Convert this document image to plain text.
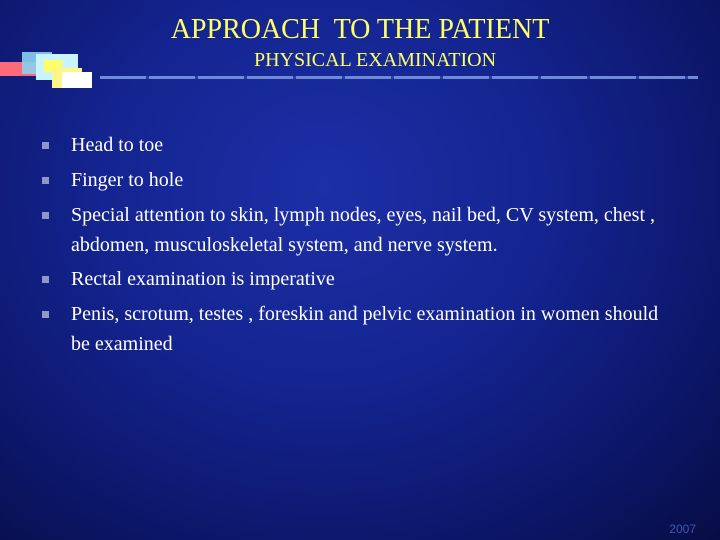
APPROACH  TO THE PATIENT
PHYSICAL EXAMINATION
Head to toe
Finger to hole
Special attention to skin, lymph nodes, eyes, nail bed, CV system, chest , abdomen, musculoskeletal system, and nerve system.
Rectal examination is imperative
Penis, scrotum, testes , foreskin and pelvic examination in women should be examined
2007
